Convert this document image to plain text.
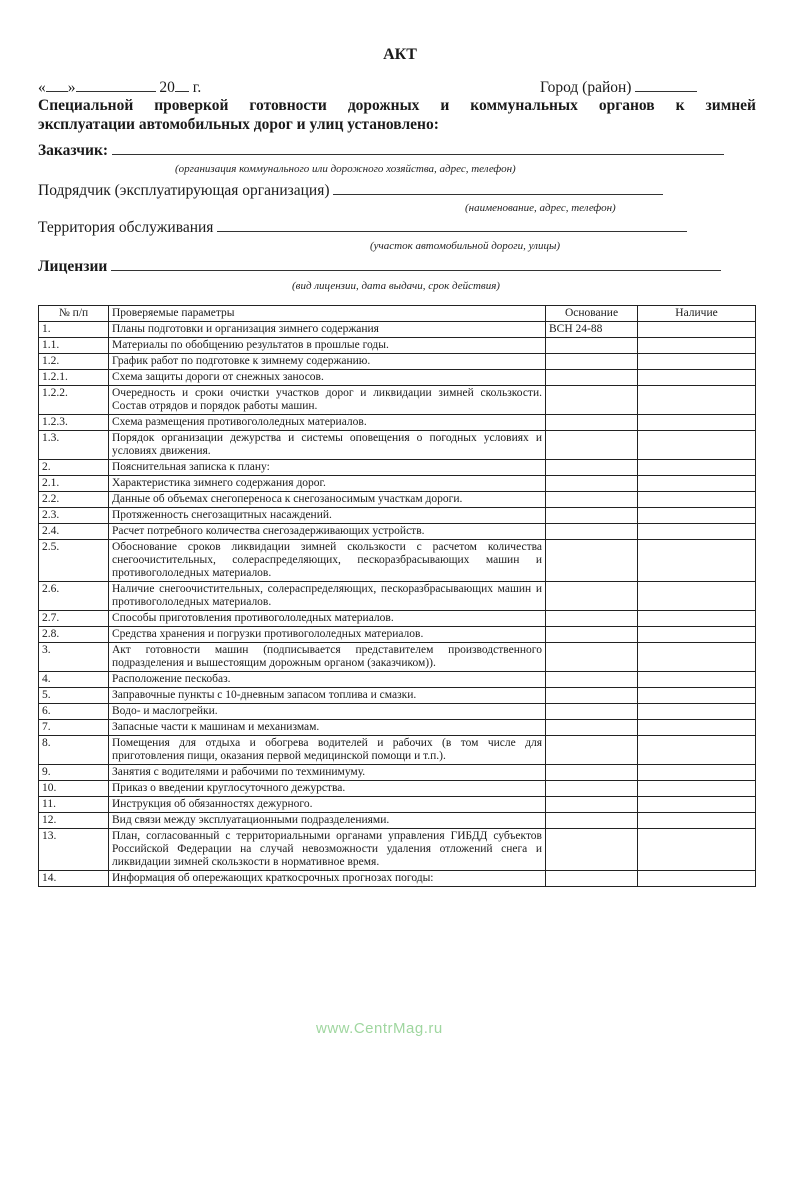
АКТ
« »	20 г.	Город (район)
Специальной проверкой готовности дорожных и коммунальных органов к зимней
эксплуатации автомобильных дорог и улиц установлено:
Заказчик:
(организация коммунального или дорожного хозяйства, адрес, телефон)
Подрядчик (эксплуатирующая организация)
(наименование, адрес, телефон)
Территория обслуживания
(участок автомобильной дороги, улицы)
Лицензии
(вид лицензии, дата выдачи, срок действия)
№ п/п	Проверяемые параметры	Основание	Наличие
1.	Планы подготовки и организация зимнего содержания	ВСН 24-88	
1.1.	Материалы по обобщению результатов в прошлые годы.		
1.2.	График работ по подготовке к зимнему содержанию.		
1.2.1.	Схема защиты дороги от снежных заносов.		
1.2.2.	Очередность и сроки очистки участков дорог и ликвидации зимней скользкости. Состав отрядов и порядок работы машин.		
1.2.3.	Схема размещения противогололедных материалов.		
1.3.	Порядок организации дежурства и системы оповещения о погодных условиях и условиях движения.		
2.	Пояснительная записка к плану:		
2.1.	Характеристика зимнего содержания дорог.		
2.2.	Данные об объемах снегопереноса к снегозаносимым участкам дороги.		
2.3.	Протяженность снегозащитных насаждений.		
2.4.	Расчет потребного количества снегозадерживающих устройств.		
2.5.	Обоснование сроков ликвидации зимней скользкости с расчетом количества снегоочистительных, солераспределяющих, пескоразбрасывающих машин и противогололедных материалов.		
2.6.	Наличие снегоочистительных, солераспределяющих, пескоразбрасывающих машин и противогололедных материалов.		
2.7.	Способы приготовления противогололедных материалов.		
2.8.	Средства хранения и погрузки противогололедных материалов.		
3.	Акт готовности машин (подписывается представителем производственного подразделения и вышестоящим дорожным органом (заказчиком)).		
4.	Расположение пескобаз.		
5.	Заправочные пункты с 10-дневным запасом топлива и смазки.		
6.	Водо- и маслогрейки.		
7.	Запасные части к машинам и механизмам.		
8.	Помещения для отдыха и обогрева водителей и рабочих (в том числе для приготовления пищи, оказания первой медицинской помощи и т.п.).		
9.	Занятия с водителями и рабочими по техминимуму.		
10.	Приказ о введении круглосуточного дежурства.		
11.	Инструкция об обязанностях дежурного.		
12.	Вид связи между эксплуатационными подразделениями.		
13.	План, согласованный с территориальными органами управления ГИБДД субъектов Российской Федерации на случай невозможности удаления отложений снега и ликвидации зимней скользкости в нормативное время.		
14.	Информация об опережающих краткосрочных прогнозах погоды:		
www.CentrMag.ru
